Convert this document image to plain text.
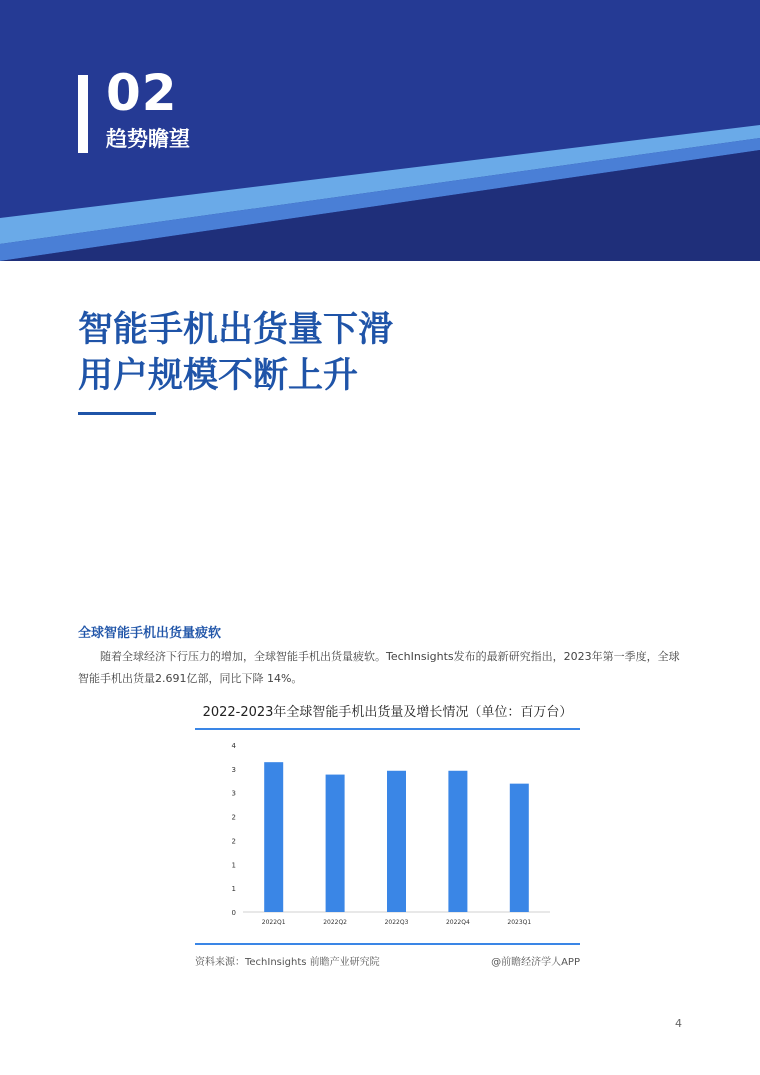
02
趋势瞻望
智能手机出货量下滑
用户规模不断上升
全球智能手机出货量疲软
随着全球经济下行压力的增加，全球智能手机出货量疲软。TechInsights发布的最新研究指出，2023年第一季度，全球智能手机出货量2.691亿部，同比下降 14%。
2022-2023年全球智能手机出货量及增长情况（单位：百万台）
0
1
1
2
2
3
3
4
2022Q1	2022Q2	2022Q3	2022Q4	2023Q1
资料来源：TechInsights 前瞻产业研究院	@前瞻经济学人APP
4
